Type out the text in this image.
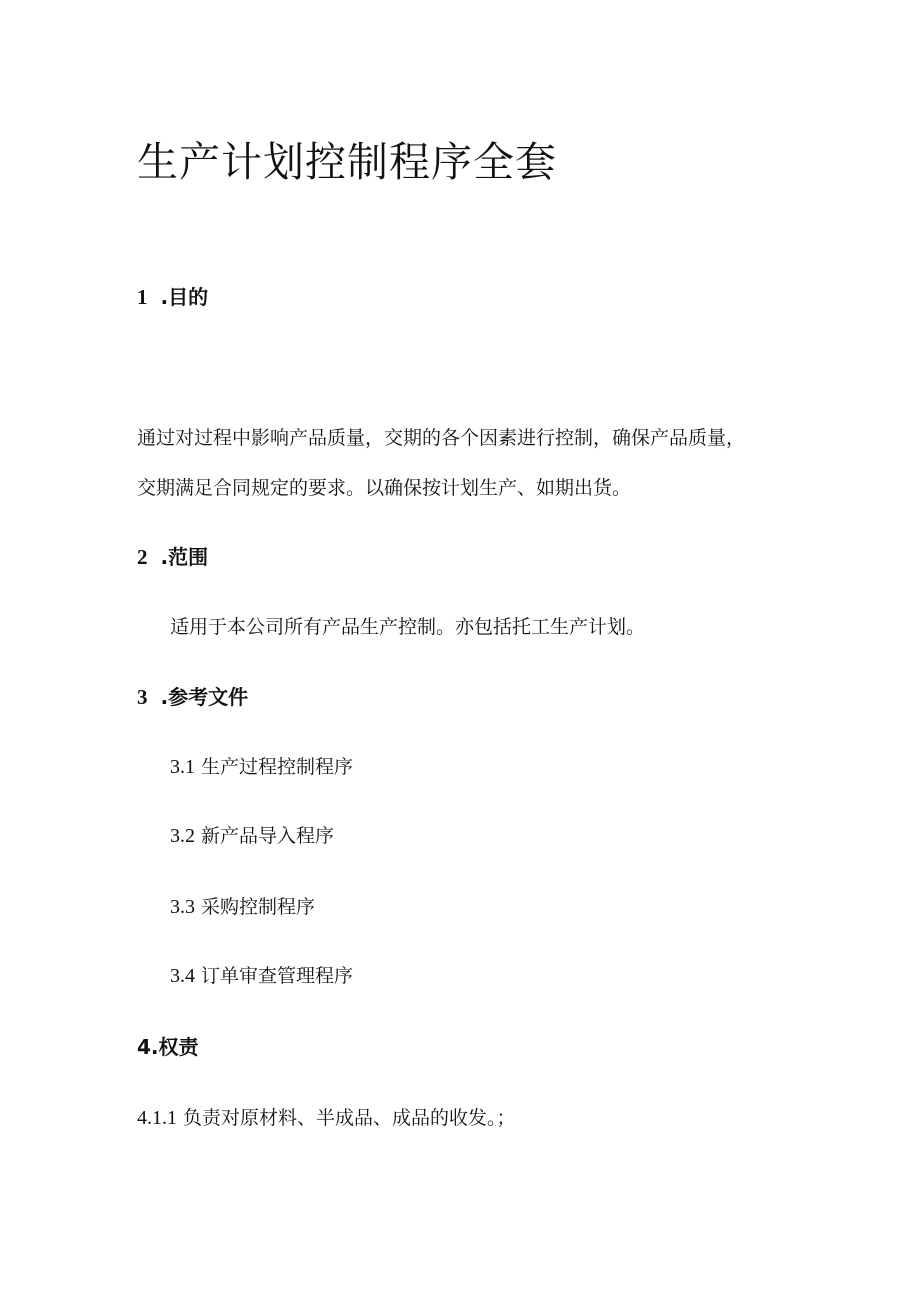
生产计划控制程序全套
1 .目的
通过对过程中影响产品质量，交期的各个因素进行控制，确保产品质量，
交期满足合同规定的要求。以确保按计划生产、如期出货。
2 .范围
适用于本公司所有产品生产控制。亦包括托工生产计划。
3 .参考文件
3.1 生产过程控制程序
3.2 新产品导入程序
3.3 采购控制程序
3.4 订单审查管理程序
4.权责
4.1.1 负责对原材料、半成品、成品的收发。；
